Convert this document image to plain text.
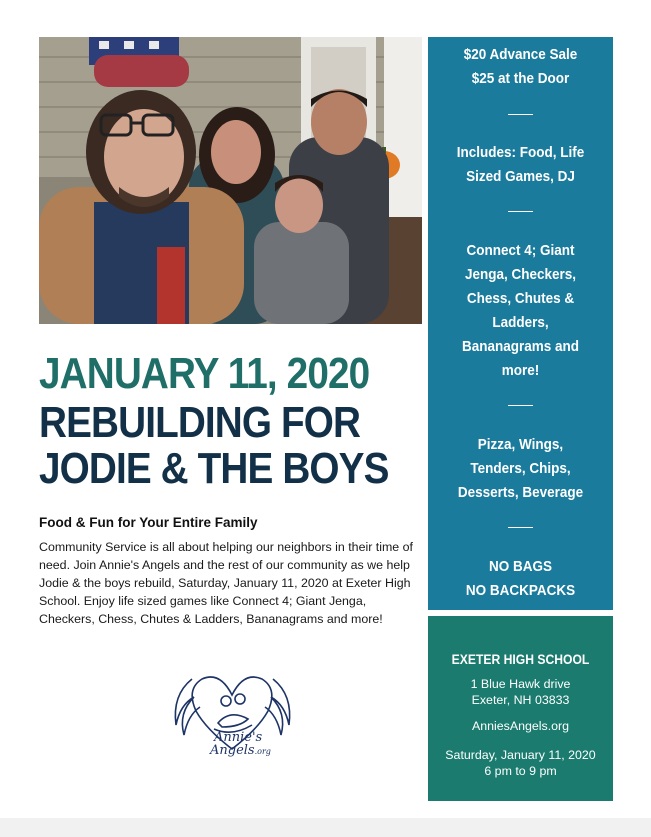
JANUARY 11, 2020
REBUILDING FOR
JODIE & THE BOYS

Food & Fun for Your Entire Family

Community Service is all about helping our neighbors in their time of need. Join Annie's Angels and the rest of our community as we help Jodie & the boys rebuild, Saturday, January 11, 2020 at Exeter High School. Enjoy life sized games like Connect 4; Giant Jenga, Checkers, Chess, Chutes & Ladders, Bananagrams and more!

Annie's
Angels.org
$20 Advance Sale
$25 at the Door
Includes: Food, Life
Sized Games, DJ
Connect 4; Giant
Jenga, Checkers,
Chess, Chutes &
Ladders,
Bananagrams and
more!
Pizza, Wings,
Tenders, Chips,
Desserts, Beverage
NO BAGS
NO BACKPACKS
EXETER HIGH SCHOOL
1 Blue Hawk drive
Exeter, NH 03833
AnniesAngels.org
Saturday, January 11, 2020
6 pm to 9 pm
